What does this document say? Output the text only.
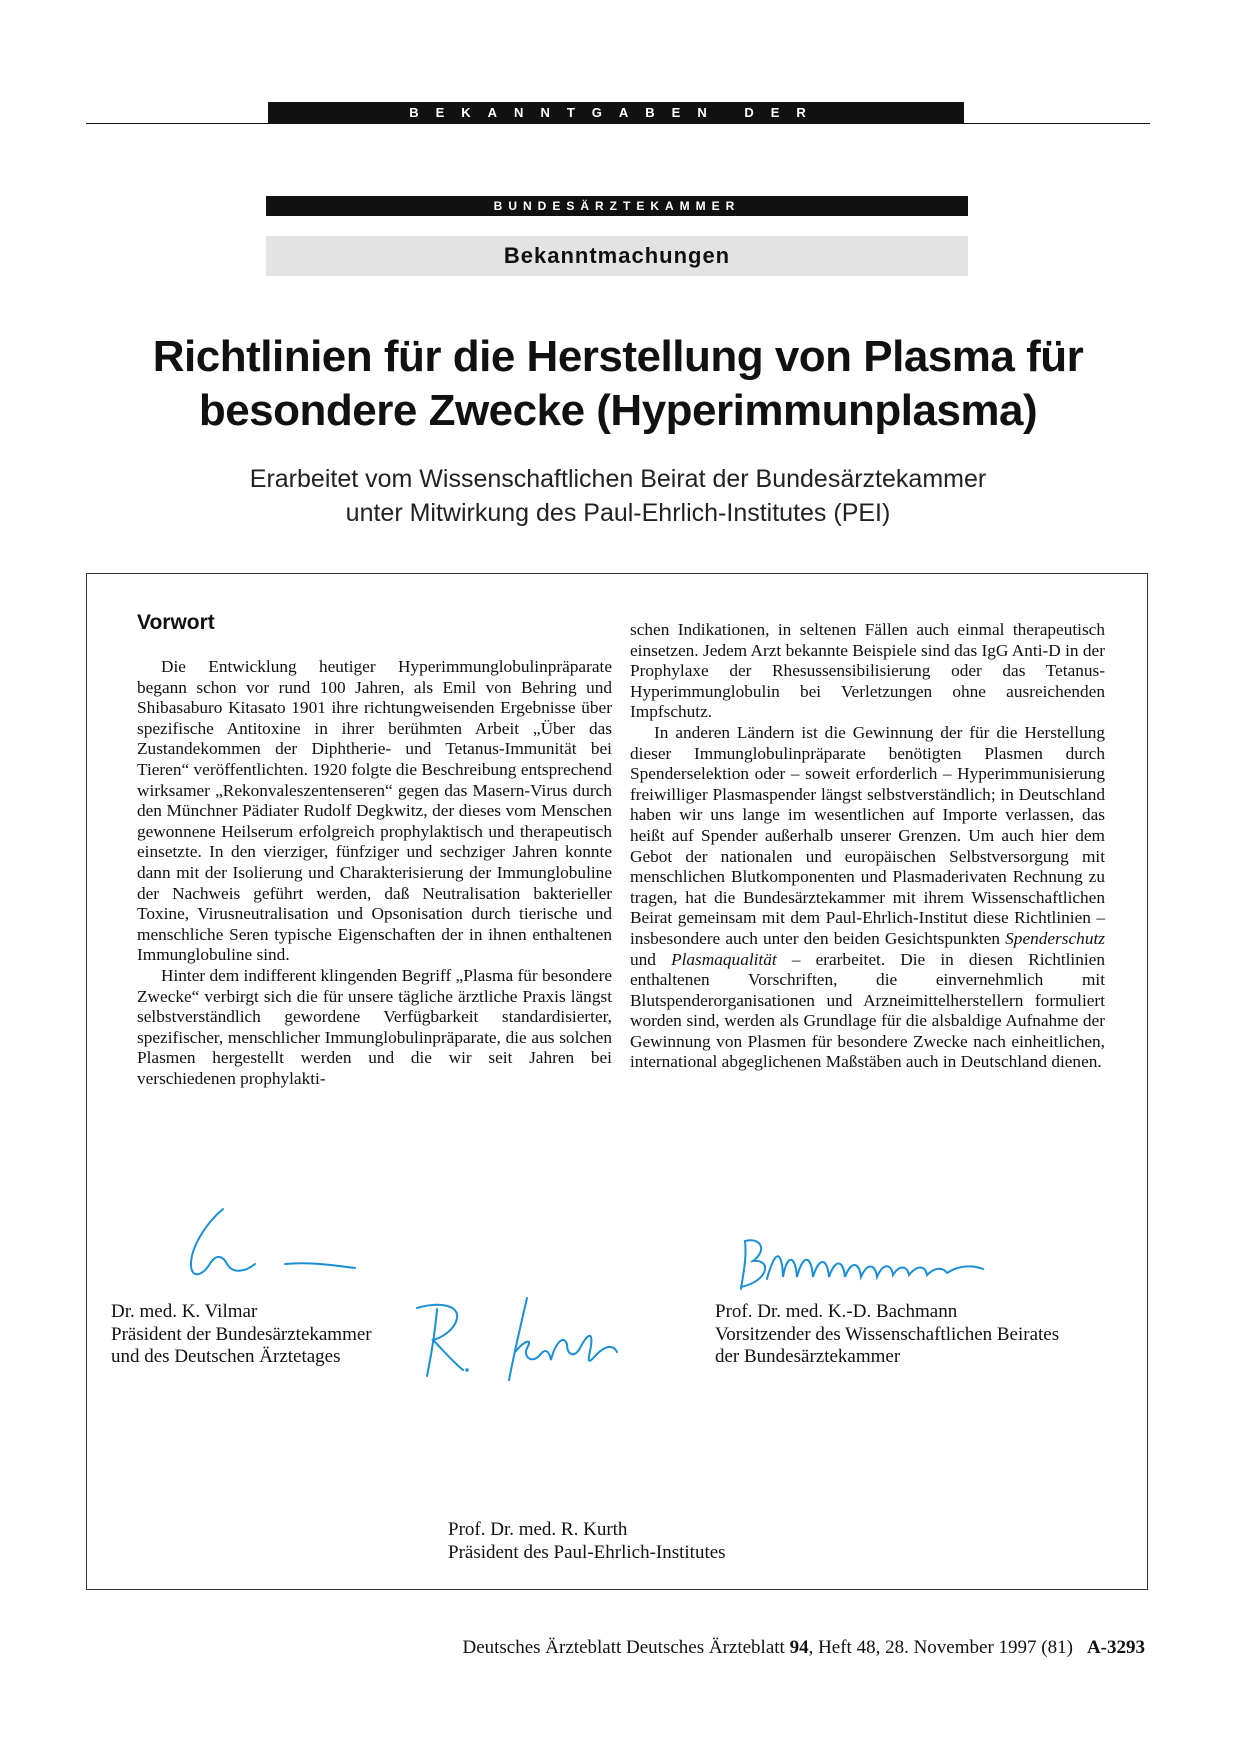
BEKANNTGABEN DER HERAUSGEBER
BUNDESÄRZTEKAMMER
Bekanntmachungen
Richtlinien für die Herstellung von Plasma für
besondere Zwecke (Hyperimmunplasma)
Erarbeitet vom Wissenschaftlichen Beirat der Bundesärztekammer
unter Mitwirkung des Paul-Ehrlich-Institutes (PEI)
Vorwort

Die Entwicklung heutiger Hyperimmunglobulinpräparate begann schon vor rund 100 Jahren, als Emil von Behring und Shibasaburo Kitasato 1901 ihre richtungweisenden Ergebnisse über spezifische Antitoxine in ihrer berühmten Arbeit „Über das Zustandekommen der Diphtherie- und Tetanus-Immunität bei Tieren“ veröffentlichten. 1920 folgte die Beschreibung entsprechend wirksamer „Rekonvaleszentenseren“ gegen das Masern-Virus durch den Münchner Pädiater Rudolf Degkwitz, der dieses vom Menschen gewonnene Heilserum erfolgreich prophylaktisch und therapeutisch einsetzte. In den vierziger, fünfziger und sechziger Jahren konnte dann mit der Isolierung und Charakterisierung der Immunglobuline der Nachweis geführt werden, daß Neutralisation bakterieller Toxine, Virusneutralisation und Opsonisation durch tierische und menschliche Seren typische Eigenschaften der in ihnen enthaltenen Immunglobuline sind.

Hinter dem indifferent klingenden Begriff „Plasma für besondere Zwecke“ verbirgt sich die für unsere tägliche ärztliche Praxis längst selbstverständlich gewordene Verfügbarkeit standardisierter, spezifischer, menschlicher Immunglobulinpräparate, die aus solchen Plasmen hergestellt werden und die wir seit Jahren bei verschiedenen prophylakti-

schen Indikationen, in seltenen Fällen auch einmal therapeutisch einsetzen. Jedem Arzt bekannte Beispiele sind das IgG Anti-D in der Prophylaxe der Rhesussensibilisierung oder das Tetanus-Hyperimmunglobulin bei Verletzungen ohne ausreichenden Impfschutz.

In anderen Ländern ist die Gewinnung der für die Herstellung dieser Immunglobulinpräparate benötigten Plasmen durch Spenderselektion oder – soweit erforderlich – Hyperimmunisierung freiwilliger Plasmaspender längst selbstverständlich; in Deutschland haben wir uns lange im wesentlichen auf Importe verlassen, das heißt auf Spender außerhalb unserer Grenzen. Um auch hier dem Gebot der nationalen und europäischen Selbstversorgung mit menschlichen Blutkomponenten und Plasmaderivaten Rechnung zu tragen, hat die Bundesärztekammer mit ihrem Wissenschaftlichen Beirat gemeinsam mit dem Paul-Ehrlich-Institut diese Richtlinien – insbesondere auch unter den beiden Gesichtspunkten Spenderschutz und Plasmaqualität – erarbeitet. Die in diesen Richtlinien enthaltenen Vorschriften, die einvernehmlich mit Blutspenderorganisationen und Arzneimittelherstellern formuliert worden sind, werden als Grundlage für die alsbaldige Aufnahme der Gewinnung von Plasmen für besondere Zwecke nach einheitlichen, international abgeglichenen Maßstäben auch in Deutschland dienen.

Dr. med. K. Vilmar
Präsident der Bundesärztekammer
und des Deutschen Ärztetages
Prof. Dr. med. K.-D. Bachmann
Vorsitzender des Wissenschaftlichen Beirates
der Bundesärztekammer
Prof. Dr. med. R. Kurth
Präsident des Paul-Ehrlich-Institutes
Deutsches Ärzteblatt Deutsches Ärzteblatt 94, Heft 48, 28. November 1997 (81) A-3293
